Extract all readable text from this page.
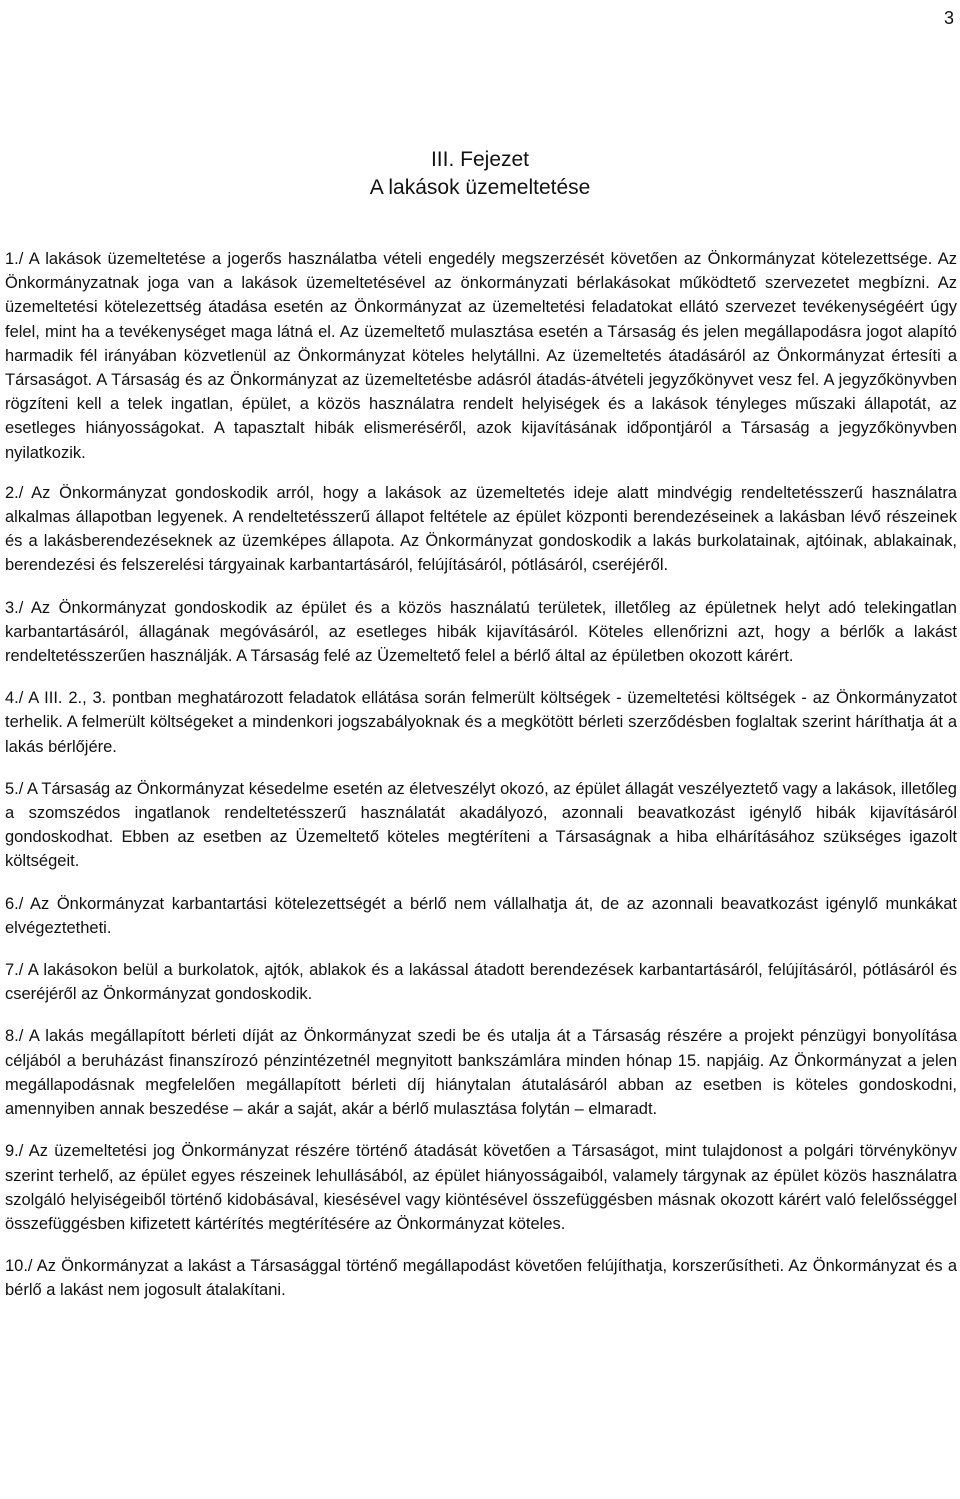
3
III. Fejezet
A lakások üzemeltetése

1./ A lakások üzemeltetése a jogerős használatba vételi engedély megszerzését követően az Önkormányzat kötelezettsége. Az Önkormányzatnak joga van a lakások üzemeltetésével az önkormányzati bérlakásokat működtető szervezetet megbízni. Az üzemeltetési kötelezettség átadása esetén az Önkormányzat az üzemeltetési feladatokat ellátó szervezet tevékenységéért úgy felel, mint ha a tevékenységet maga látná el. Az üzemeltető mulasztása esetén a Társaság és jelen megállapodásra jogot alapító harmadik fél irányában közvetlenül az Önkormányzat köteles helytállni. Az üzemeltetés átadásáról az Önkormányzat értesíti a Társaságot. A Társaság és az Önkormányzat az üzemeltetésbe adásról átadás-átvételi jegyzőkönyvet vesz fel. A jegyzőkönyvben rögzíteni kell a telek ingatlan, épület, a közös használatra rendelt helyiségek és a lakások tényleges műszaki állapotát, az esetleges hiányosságokat. A tapasztalt hibák elismeréséről, azok kijavításának időpontjáról a Társaság a jegyzőkönyvben nyilatkozik.

2./ Az Önkormányzat gondoskodik arról, hogy a lakások az üzemeltetés ideje alatt mindvégig rendeltetésszerű használatra alkalmas állapotban legyenek. A rendeltetésszerű állapot feltétele az épület központi berendezéseinek a lakásban lévő részeinek és a lakásberendezéseknek az üzemképes állapota. Az Önkormányzat gondoskodik a lakás burkolatainak, ajtóinak, ablakainak, berendezési és felszerelési tárgyainak karbantartásáról, felújításáról, pótlásáról, cseréjéről.

3./ Az Önkormányzat gondoskodik az épület és a közös használatú területek, illetőleg az épületnek helyt adó telekingatlan karbantartásáról, állagának megóvásáról, az esetleges hibák kijavításáról. Köteles ellenőrizni azt, hogy a bérlők a lakást rendeltetésszerűen használják. A Társaság felé az Üzemeltető felel a bérlő által az épületben okozott kárért.

4./ A III. 2., 3. pontban meghatározott feladatok ellátása során felmerült költségek - üzemeltetési költségek - az Önkormányzatot terhelik. A felmerült költségeket a mindenkori jogszabályoknak és a megkötött bérleti szerződésben foglaltak szerint háríthatja át a lakás bérlőjére.

5./ A Társaság az Önkormányzat késedelme esetén az életveszélyt okozó, az épület állagát veszélyeztető vagy a lakások, illetőleg a szomszédos ingatlanok rendeltetésszerű használatát akadályozó, azonnali beavatkozást igénylő hibák kijavításáról gondoskodhat. Ebben az esetben az Üzemeltető köteles megtéríteni a Társaságnak a hiba elhárításához szükséges igazolt költségeit.

6./ Az Önkormányzat karbantartási kötelezettségét a bérlő nem vállalhatja át, de az azonnali beavatkozást igénylő munkákat elvégeztetheti.

7./ A lakásokon belül a burkolatok, ajtók, ablakok és a lakással átadott berendezések karbantartásáról, felújításáról, pótlásáról és cseréjéről az Önkormányzat gondoskodik.

8./ A lakás megállapított bérleti díját az Önkormányzat szedi be és utalja át a Társaság részére a projekt pénzügyi bonyolítása céljából a beruházást finanszírozó pénzintézetnél megnyitott bankszámlára minden hónap 15. napjáig. Az Önkormányzat a jelen megállapodásnak megfelelően megállapított bérleti díj hiánytalan átutalásáról abban az esetben is köteles gondoskodni, amennyiben annak beszedése – akár a saját, akár a bérlő mulasztása folytán – elmaradt.

9./ Az üzemeltetési jog Önkormányzat részére történő átadását követően a Társaságot, mint tulajdonost a polgári törvénykönyv szerint terhelő, az épület egyes részeinek lehullásából, az épület hiányosságaiból, valamely tárgynak az épület közös használatra szolgáló helyiségeiből történő kidobásával, kiesésével vagy kiöntésével összefüggésben másnak okozott kárért való felelősséggel összefüggésben kifizetett kártérítés megtérítésére az Önkormányzat köteles.

10./ Az Önkormányzat a lakást a Társasággal történő megállapodást követően felújíthatja, korszerűsítheti. Az Önkormányzat és a bérlő a lakást nem jogosult átalakítani.
